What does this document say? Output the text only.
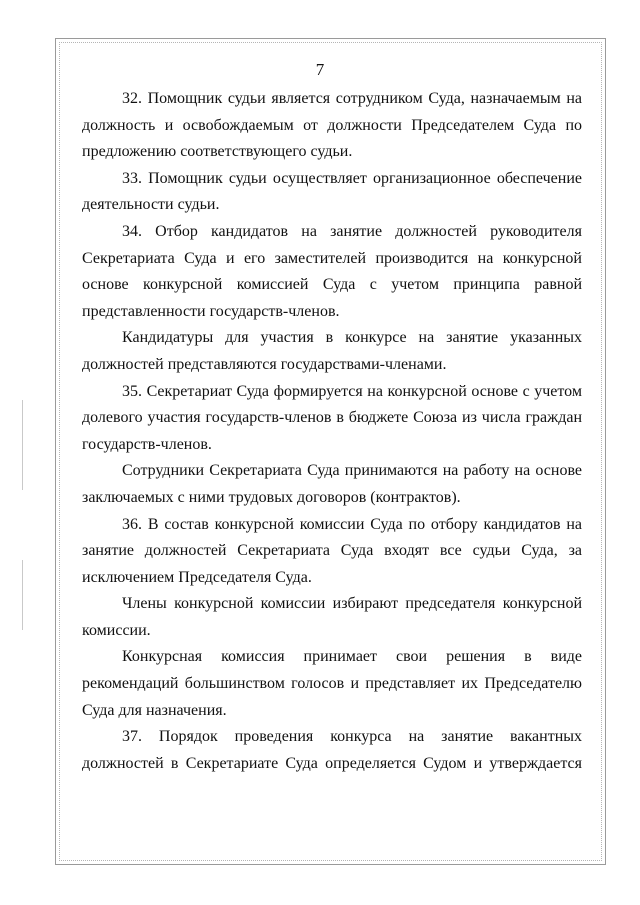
7

32. Помощник судьи является сотрудником Суда, назначаемым на должность и освобождаемым от должности Председателем Суда по предложению соответствующего судьи.

33. Помощник судьи осуществляет организационное обеспечение деятельности судьи.

34. Отбор кандидатов на занятие должностей руководителя Секретариата Суда и его заместителей производится на конкурсной основе конкурсной комиссией Суда с учетом принципа равной представленности государств-членов.

Кандидатуры для участия в конкурсе на занятие указанных должностей представляются государствами-членами.

35. Секретариат Суда формируется на конкурсной основе с учетом долевого участия государств-членов в бюджете Союза из числа граждан государств-членов.

Сотрудники Секретариата Суда принимаются на работу на основе заключаемых с ними трудовых договоров (контрактов).

36. В состав конкурсной комиссии Суда по отбору кандидатов на занятие должностей Секретариата Суда входят все судьи Суда, за исключением Председателя Суда.

Члены конкурсной комиссии избирают председателя конкурсной комиссии.

Конкурсная комиссия принимает свои решения в виде рекомендаций большинством голосов и представляет их Председателю Суда для назначения.

37. Порядок проведения конкурса на занятие вакантных должностей в Секретариате Суда определяется Судом и утверждается
